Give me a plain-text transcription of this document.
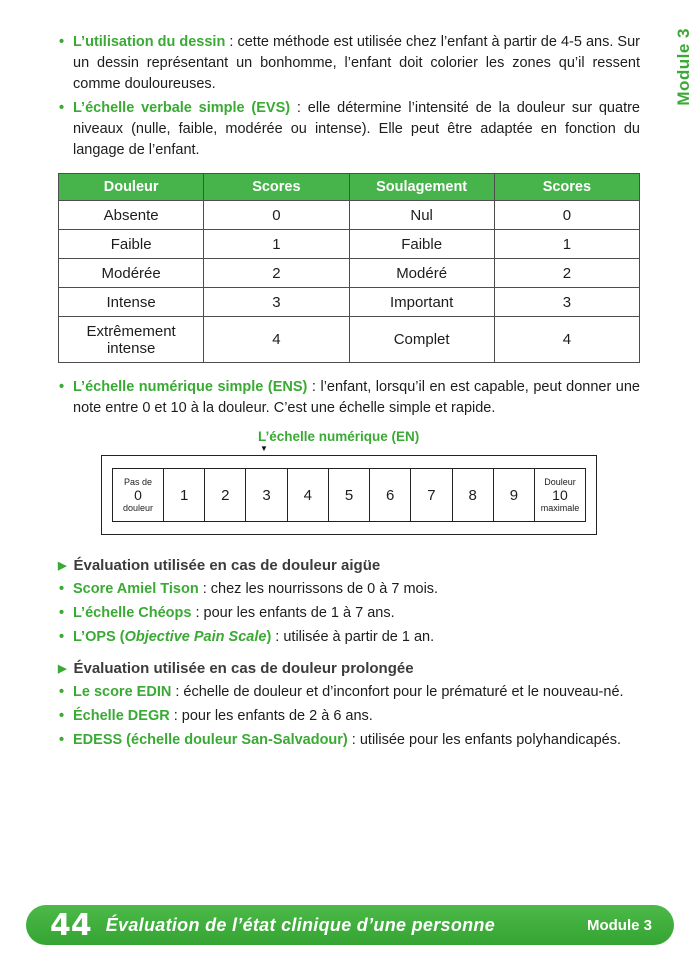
Module 3
• L’utilisation du dessin : cette méthode est utilisée chez l’enfant à partir de 4-5 ans. Sur un dessin représentant un bonhomme, l’enfant doit colorier les zones qu’il ressent comme douloureuses.
• L’échelle verbale simple (EVS) : elle détermine l’intensité de la douleur sur quatre niveaux (nulle, faible, modérée ou intense). Elle peut être adaptée en fonction du langage de l’enfant.
Douleur	Scores	Soulagement	Scores
Absente	0	Nul	0
Faible	1	Faible	1
Modérée	2	Modéré	2
Intense	3	Important	3
Extrêmement intense	4	Complet	4
• L’échelle numérique simple (ENS) : l’enfant, lorsqu’il en est capable, peut donner une note entre 0 et 10 à la douleur. C’est une échelle simple et rapide.
L’échelle numérique (EN)
▼
Pas de
0
douleur
1	2	3	4	5	6	7	8	9
Douleur
10
maximale
▶ Évaluation utilisée en cas de douleur aigüe
• Score Amiel Tison : chez les nourrissons de 0 à 7 mois.
• L’échelle Chéops : pour les enfants de 1 à 7 ans.
• L’OPS (Objective Pain Scale) : utilisée à partir de 1 an.
▶ Évaluation utilisée en cas de douleur prolongée
• Le score EDIN : échelle de douleur et d’inconfort pour le prématuré et le nouveau-né.
• Échelle DEGR : pour les enfants de 2 à 6 ans.
• EDESS (échelle douleur San-Salvadour) : utilisée pour les enfants polyhandicapés.
44 Évaluation de l’état clinique d’une personne	Module 3
